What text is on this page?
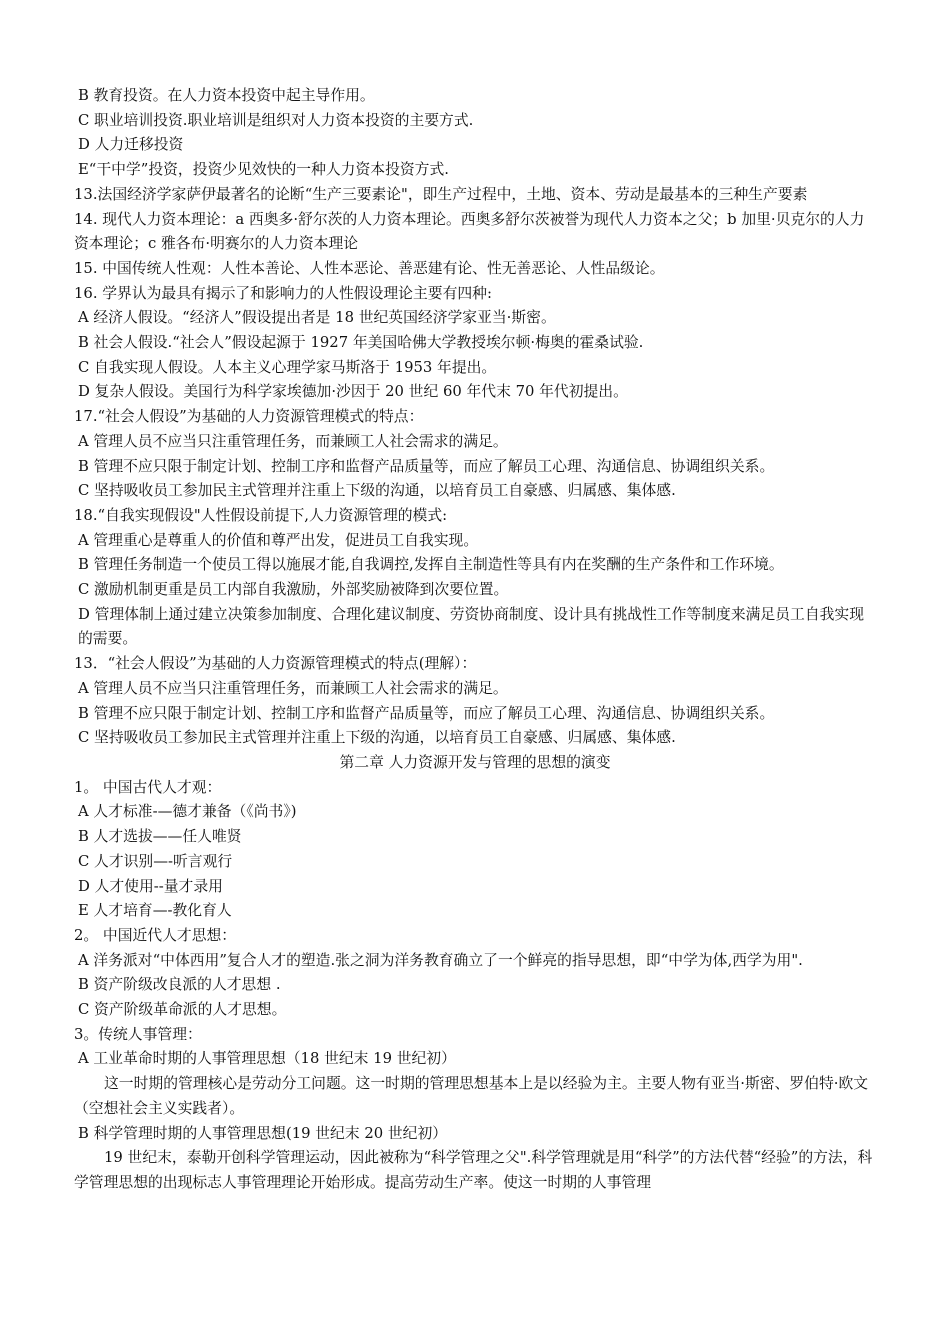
B 教育投资。在人力资本投资中起主导作用。

C 职业培训投资.职业培训是组织对人力资本投资的主要方式.

D 人力迁移投资

E“干中学”投资，投资少见效快的一种人力资本投资方式.

13.法国经济学家萨伊最著名的论断“生产三要素论"，即生产过程中，土地、资本、劳动是最基本的三种生产要素

14. 现代人力资本理论：a 西奥多·舒尔茨的人力资本理论。西奥多舒尔茨被誉为现代人力资本之父；b 加里·贝克尔的人力资本理论；c 雅各布·明赛尔的人力资本理论

15. 中国传统人性观：人性本善论、人性本恶论、善恶建有论、性无善恶论、人性品级论。

16. 学界认为最具有揭示了和影响力的人性假设理论主要有四种:

A 经济人假设。“经济人”假设提出者是 18 世纪英国经济学家亚当·斯密。

B 社会人假设.“社会人”假设起源于 1927 年美国哈佛大学教授埃尔顿·梅奥的霍桑试验.

C 自我实现人假设。人本主义心理学家马斯洛于 1953 年提出。

D 复杂人假设。美国行为科学家埃德加·沙因于 20 世纪 60 年代末 70 年代初提出。

17.“社会人假设”为基础的人力资源管理模式的特点：

A 管理人员不应当只注重管理任务，而兼顾工人社会需求的满足。

B 管理不应只限于制定计划、控制工序和监督产品质量等，而应了解员工心理、沟通信息、协调组织关系。

C 坚持吸收员工参加民主式管理并注重上下级的沟通，以培育员工自豪感、归属感、集体感.

18.“自我实现假设"人性假设前提下,人力资源管理的模式:

A 管理重心是尊重人的价值和尊严出发，促进员工自我实现。

B 管理任务制造一个使员工得以施展才能,自我调控,发挥自主制造性等具有内在奖酬的生产条件和工作环境。

C 激励机制更重是员工内部自我激励，外部奖励被降到次要位置。

D 管理体制上通过建立决策参加制度、合理化建议制度、劳资协商制度、设计具有挑战性工作等制度来满足员工自我实现的需要。

13．“社会人假设”为基础的人力资源管理模式的特点(理解）：

A 管理人员不应当只注重管理任务，而兼顾工人社会需求的满足。

B 管理不应只限于制定计划、控制工序和监督产品质量等，而应了解员工心理、沟通信息、协调组织关系。

C 坚持吸收员工参加民主式管理并注重上下级的沟通，以培育员工自豪感、归属感、集体感.

第二章 人力资源开发与管理的思想的演变

1。 中国古代人才观：

A 人才标准-—德才兼备（《尚书》)

B 人才选拔——任人唯贤

C 人才识别—-听言观行

D 人才使用--量才录用

E 人才培育—-教化育人

2。 中国近代人才思想：

A 洋务派对“中体西用”复合人才的塑造.张之洞为洋务教育确立了一个鲜亮的指导思想，即“中学为体,西学为用".

B 资产阶级改良派的人才思想 .

C 资产阶级革命派的人才思想。

3。传统人事管理：

A 工业革命时期的人事管理思想（18 世纪末 19 世纪初）

这一时期的管理核心是劳动分工问题。这一时期的管理思想基本上是以经验为主。主要人物有亚当·斯密、罗伯特·欧文（空想社会主义实践者）。

B 科学管理时期的人事管理思想(19 世纪末 20 世纪初）

19 世纪末，泰勒开创科学管理运动，因此被称为“科学管理之父".科学管理就是用“科学”的方法代替“经验”的方法，科学管理思想的出现标志人事管理理论开始形成。提高劳动生产率。使这一时期的人事管理
